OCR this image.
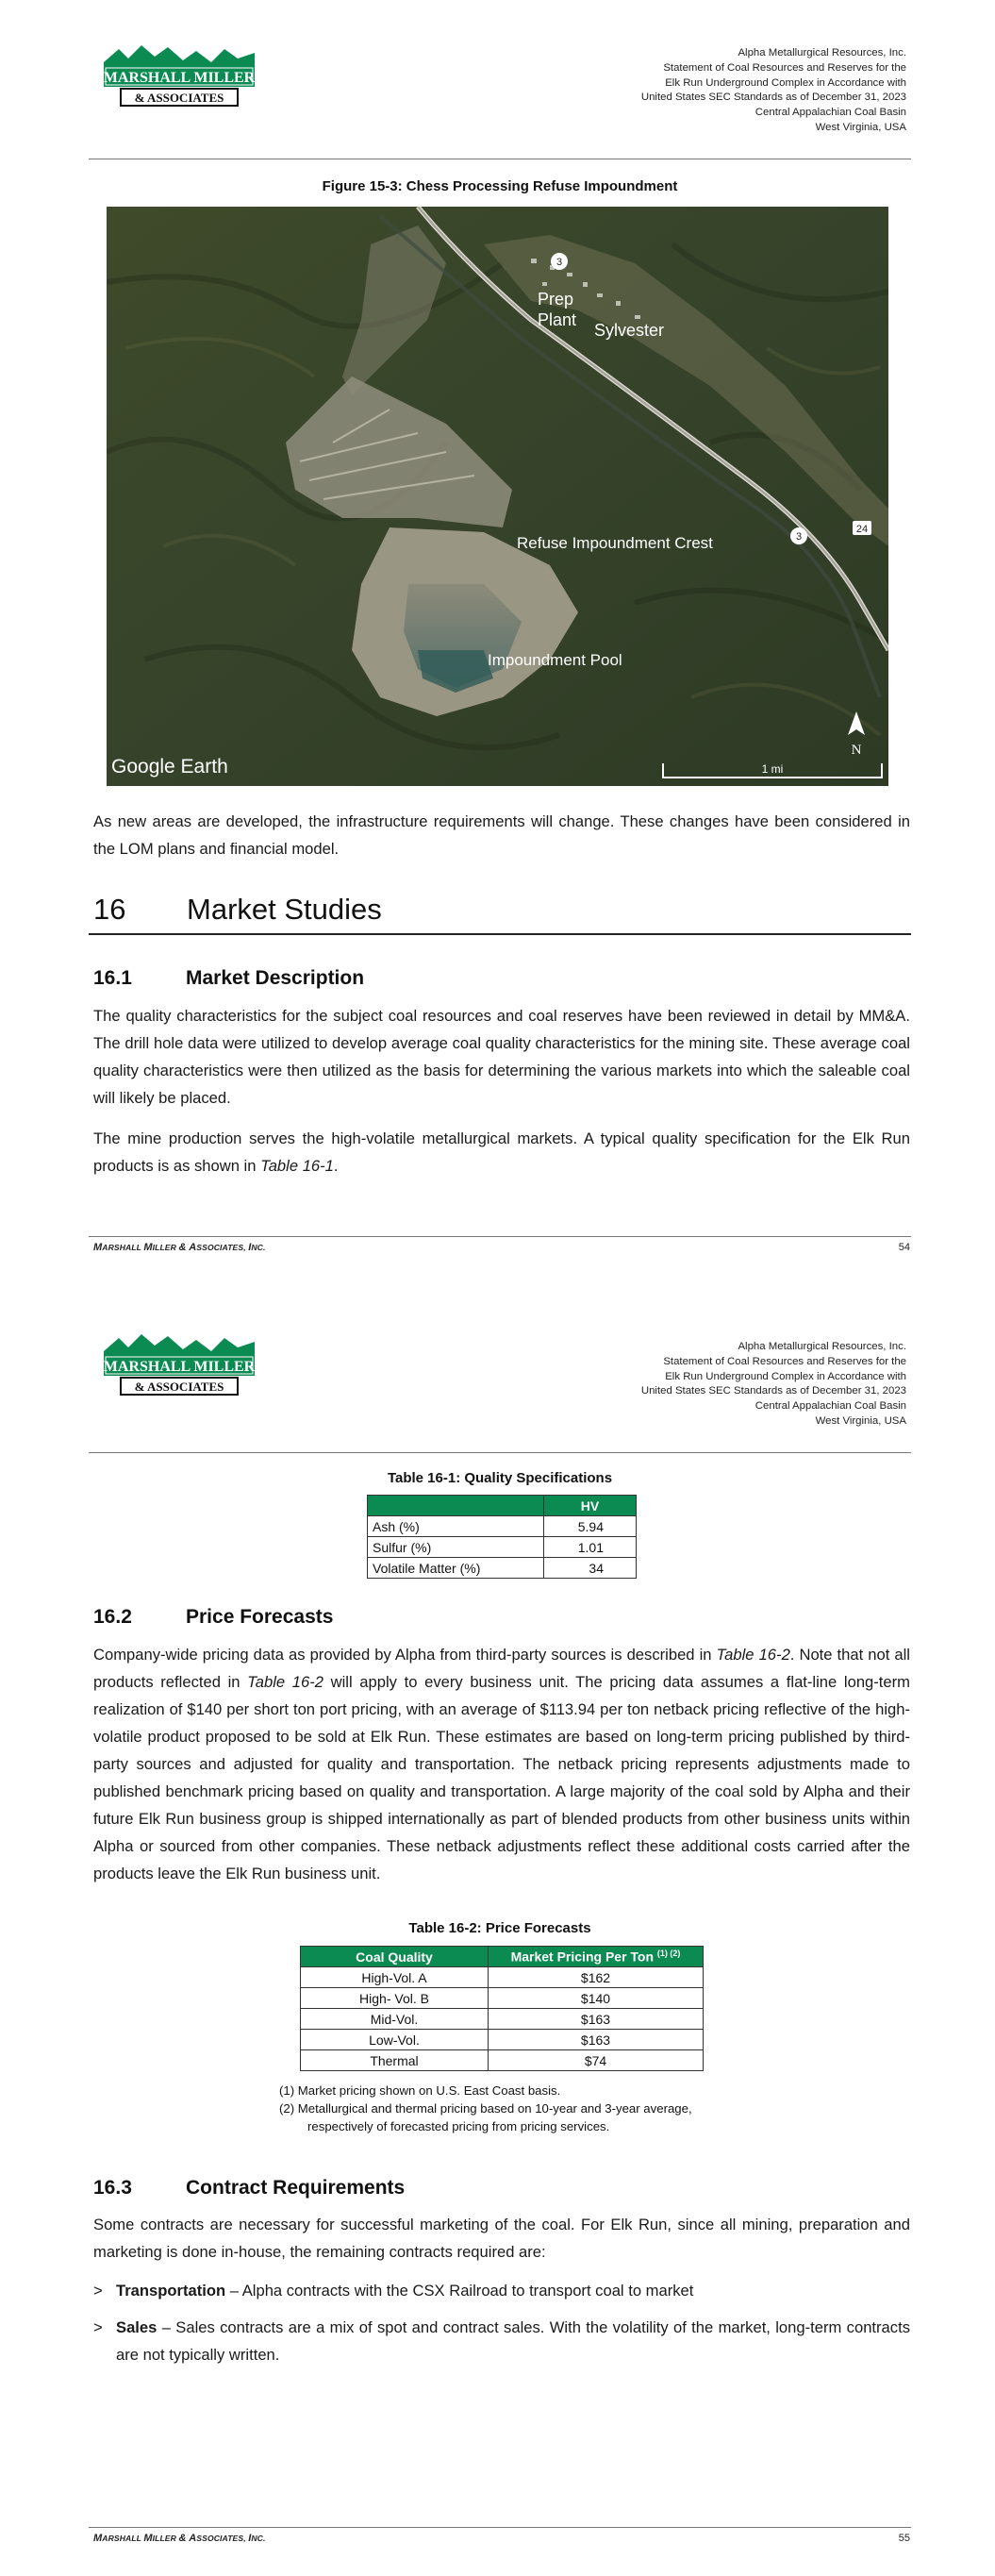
MARSHALL MILLER
& ASSOCIATES
Alpha Metallurgical Resources, Inc.
Statement of Coal Resources and Reserves for the
Elk Run Underground Complex in Accordance with
United States SEC Standards as of December 31, 2023
Central Appalachian Coal Basin
West Virginia, USA
Figure 15-3: Chess Processing Refuse Impoundment
3
3
24
Prep
Plant
Sylvester
Refuse Impoundment Crest
Impoundment Pool
Google Earth	1 mi
N
As new areas are developed, the infrastructure requirements will change. These changes have been considered in the LOM plans and financial model.
16 Market Studies
16.1	Market Description
The quality characteristics for the subject coal resources and coal reserves have been reviewed in detail by MM&A. The drill hole data were utilized to develop average coal quality characteristics for the mining site. These average coal quality characteristics were then utilized as the basis for determining the various markets into which the saleable coal will likely be placed.
The mine production serves the high-volatile metallurgical markets. A typical quality specification for the Elk Run products is as shown in Table 16-1.
MARSHALL MILLER & ASSOCIATES, INC.	54
MARSHALL MILLER
& ASSOCIATES
Alpha Metallurgical Resources, Inc.
Statement of Coal Resources and Reserves for the
Elk Run Underground Complex in Accordance with
United States SEC Standards as of December 31, 2023
Central Appalachian Coal Basin
West Virginia, USA
Table 16-1: Quality Specifications
	HV
Ash (%)	5.94
Sulfur (%)	1.01
Volatile Matter (%)	34
16.2	Price Forecasts
Company-wide pricing data as provided by Alpha from third-party sources is described in Table 16-2. Note that not all products reflected in Table 16-2 will apply to every business unit. The pricing data assumes a flat-line long-term realization of $140 per short ton port pricing, with an average of $113.94 per ton netback pricing reflective of the high-volatile product proposed to be sold at Elk Run. These estimates are based on long-term pricing published by third-party sources and adjusted for quality and transportation. The netback pricing represents adjustments made to published benchmark pricing based on quality and transportation. A large majority of the coal sold by Alpha and their future Elk Run business group is shipped internationally as part of blended products from other business units within Alpha or sourced from other companies. These netback adjustments reflect these additional costs carried after the products leave the Elk Run business unit.
Table 16-2: Price Forecasts
Coal Quality	Market Pricing Per Ton $^{(1) (2)}$
High-Vol. A	$162
High- Vol. B	$140
Mid-Vol.	$163
Low-Vol.	$163
Thermal	$74
(1) Market pricing shown on U.S. East Coast basis.
(2) Metallurgical and thermal pricing based on 10-year and 3-year average, respectively of forecasted pricing from pricing services.
16.3	Contract Requirements
Some contracts are necessary for successful marketing of the coal. For Elk Run, since all mining, preparation and marketing is done in-house, the remaining contracts required are:
> Transportation – Alpha contracts with the CSX Railroad to transport coal to market
> Sales – Sales contracts are a mix of spot and contract sales. With the volatility of the market, long-term contracts are not typically written.
MARSHALL MILLER & ASSOCIATES, INC.	55
